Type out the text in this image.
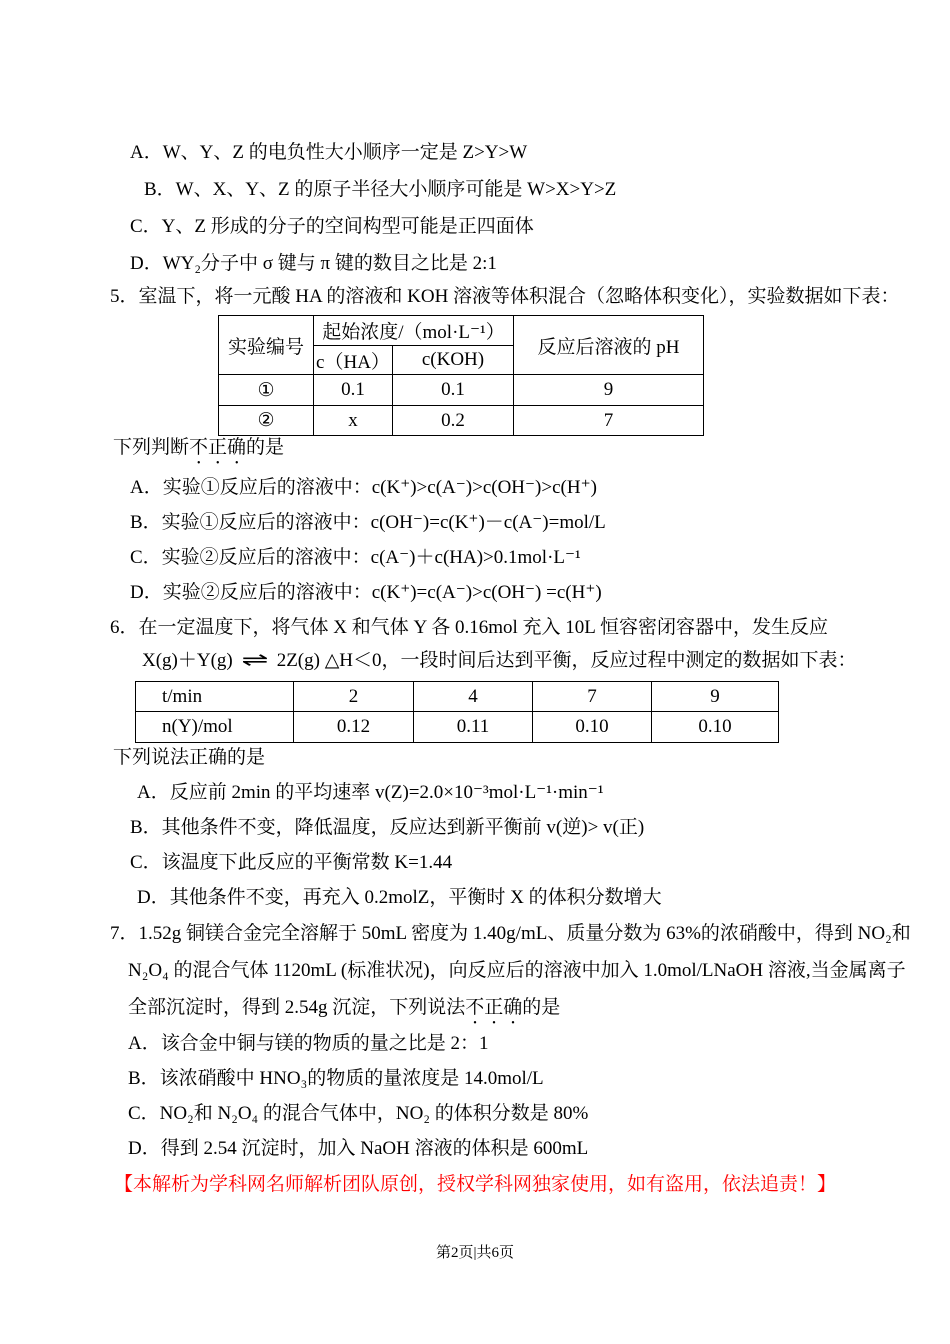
A．W、Y、Z 的电负性大小顺序一定是 Z>Y>W
B．W、X、Y、Z 的原子半径大小顺序可能是 W>X>Y>Z
C．Y、Z 形成的分子的空间构型可能是正四面体
D．WY₂分子中 σ 键与 π 键的数目之比是 2:1
5．室温下，将一元酸 HA 的溶液和 KOH 溶液等体积混合（忽略体积变化），实验数据如下表：
实验编号	起始浓度/（mol·L⁻¹）		反应后溶液的 pH
	c（HA）	c(KOH)	
①	0.1	0.1	9
②	x	0.2	7
下列判断不正确的是
A．实验①反应后的溶液中：c(K⁺)>c(A⁻)>c(OH⁻)>c(H⁺)
B．实验①反应后的溶液中：c(OH⁻)=c(K⁺)－c(A⁻)=mol/L
C．实验②反应后的溶液中：c(A⁻)＋c(HA)>0.1mol·L⁻¹
D．实验②反应后的溶液中：c(K⁺)=c(A⁻)>c(OH⁻) =c(H⁺)
6．在一定温度下，将气体 X 和气体 Y 各 0.16mol 充入 10L 恒容密闭容器中，发生反应
X(g)＋Y(g) ⇌ 2Z(g) △H＜0，一段时间后达到平衡，反应过程中测定的数据如下表：
t/min	2	4	7	9
n(Y)/mol	0.12	0.11	0.10	0.10
下列说法正确的是
A．反应前 2min 的平均速率 v(Z)=2.0×10⁻³mol·L⁻¹·min⁻¹
B．其他条件不变，降低温度，反应达到新平衡前 v(逆)> v(正)
C．该温度下此反应的平衡常数 K=1.44
D．其他条件不变，再充入 0.2molZ，平衡时 X 的体积分数增大
7．1.52g 铜镁合金完全溶解于 50mL 密度为 1.40g/mL、质量分数为 63%的浓硝酸中，得到 NO₂和
N₂O₄ 的混合气体 1120mL (标准状况)，向反应后的溶液中加入 1.0mol/LNaOH 溶液,当金属离子
全部沉淀时，得到 2.54g 沉淀，下列说法不正确的是
A．该合金中铜与镁的物质的量之比是 2：1
B．该浓硝酸中 HNO₃的物质的量浓度是 14.0mol/L
C．NO₂和 N₂O₄ 的混合气体中，NO₂ 的体积分数是 80%
D．得到 2.54 沉淀时，加入 NaOH 溶液的体积是 600mL
【本解析为学科网名师解析团队原创，授权学科网独家使用，如有盗用，依法追责！】
第2页|共6页
